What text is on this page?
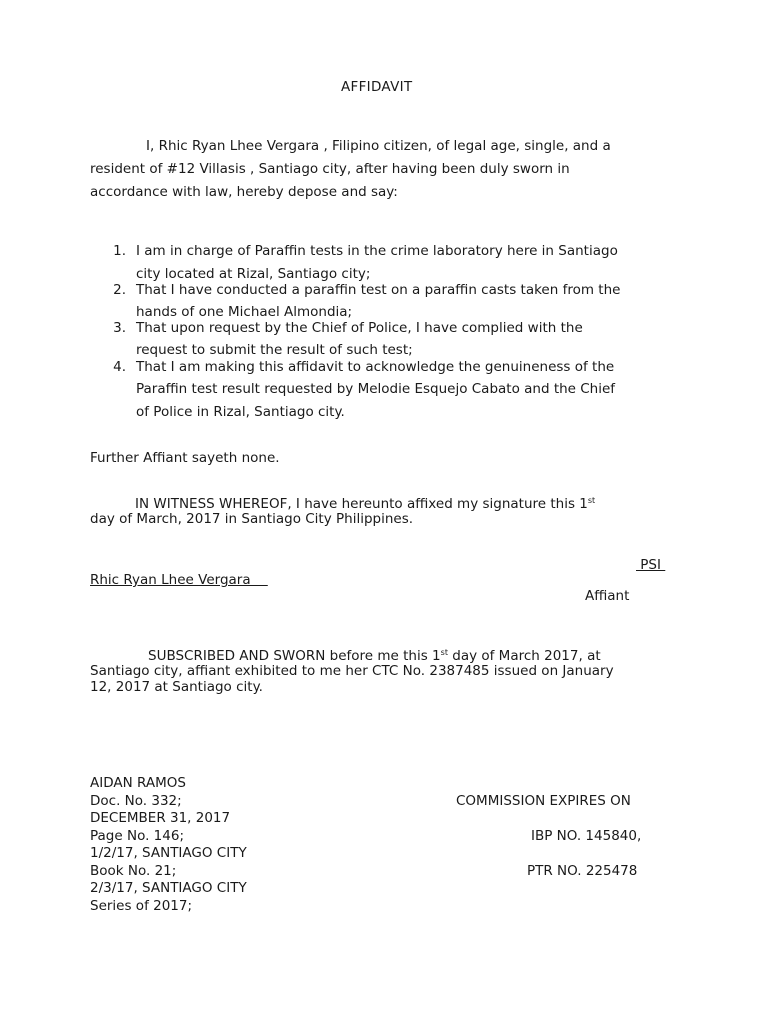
AFFIDAVIT
I, Rhic Ryan Lhee Vergara , Filipino citizen, of legal age, single, and a
resident of #12 Villasis , Santiago city, after having been duly sworn in
accordance with law, hereby depose and say:
1. I am in charge of Paraffin tests in the crime laboratory here in Santiago
city located at Rizal, Santiago city;
2. That I have conducted a paraffin test on a paraffin casts taken from the
hands of one Michael Almondia;
3. That upon request by the Chief of Police, I have complied with the
request to submit the result of such test;
4. That I am making this affidavit to acknowledge the genuineness of the
Paraffin test result requested by Melodie Esquejo Cabato and the Chief
of Police in Rizal, Santiago city.
Further Affiant sayeth none.
IN WITNESS WHEREOF, I have hereunto affixed my signature this 1st
day of March, 2017 in Santiago City Philippines.
PSI
Rhic Ryan Lhee Vergara
Affiant
SUBSCRIBED AND SWORN before me this 1st day of March 2017, at
Santiago city, affiant exhibited to me her CTC No. 2387485 issued on January
12, 2017 at Santiago city.
AIDAN RAMOS
Doc. No. 332;	COMMISSION EXPIRES ON
DECEMBER 31, 2017
Page No. 146;	IBP NO. 145840,
1/2/17, SANTIAGO CITY
Book No. 21;	PTR NO. 225478
2/3/17, SANTIAGO CITY
Series of 2017;
